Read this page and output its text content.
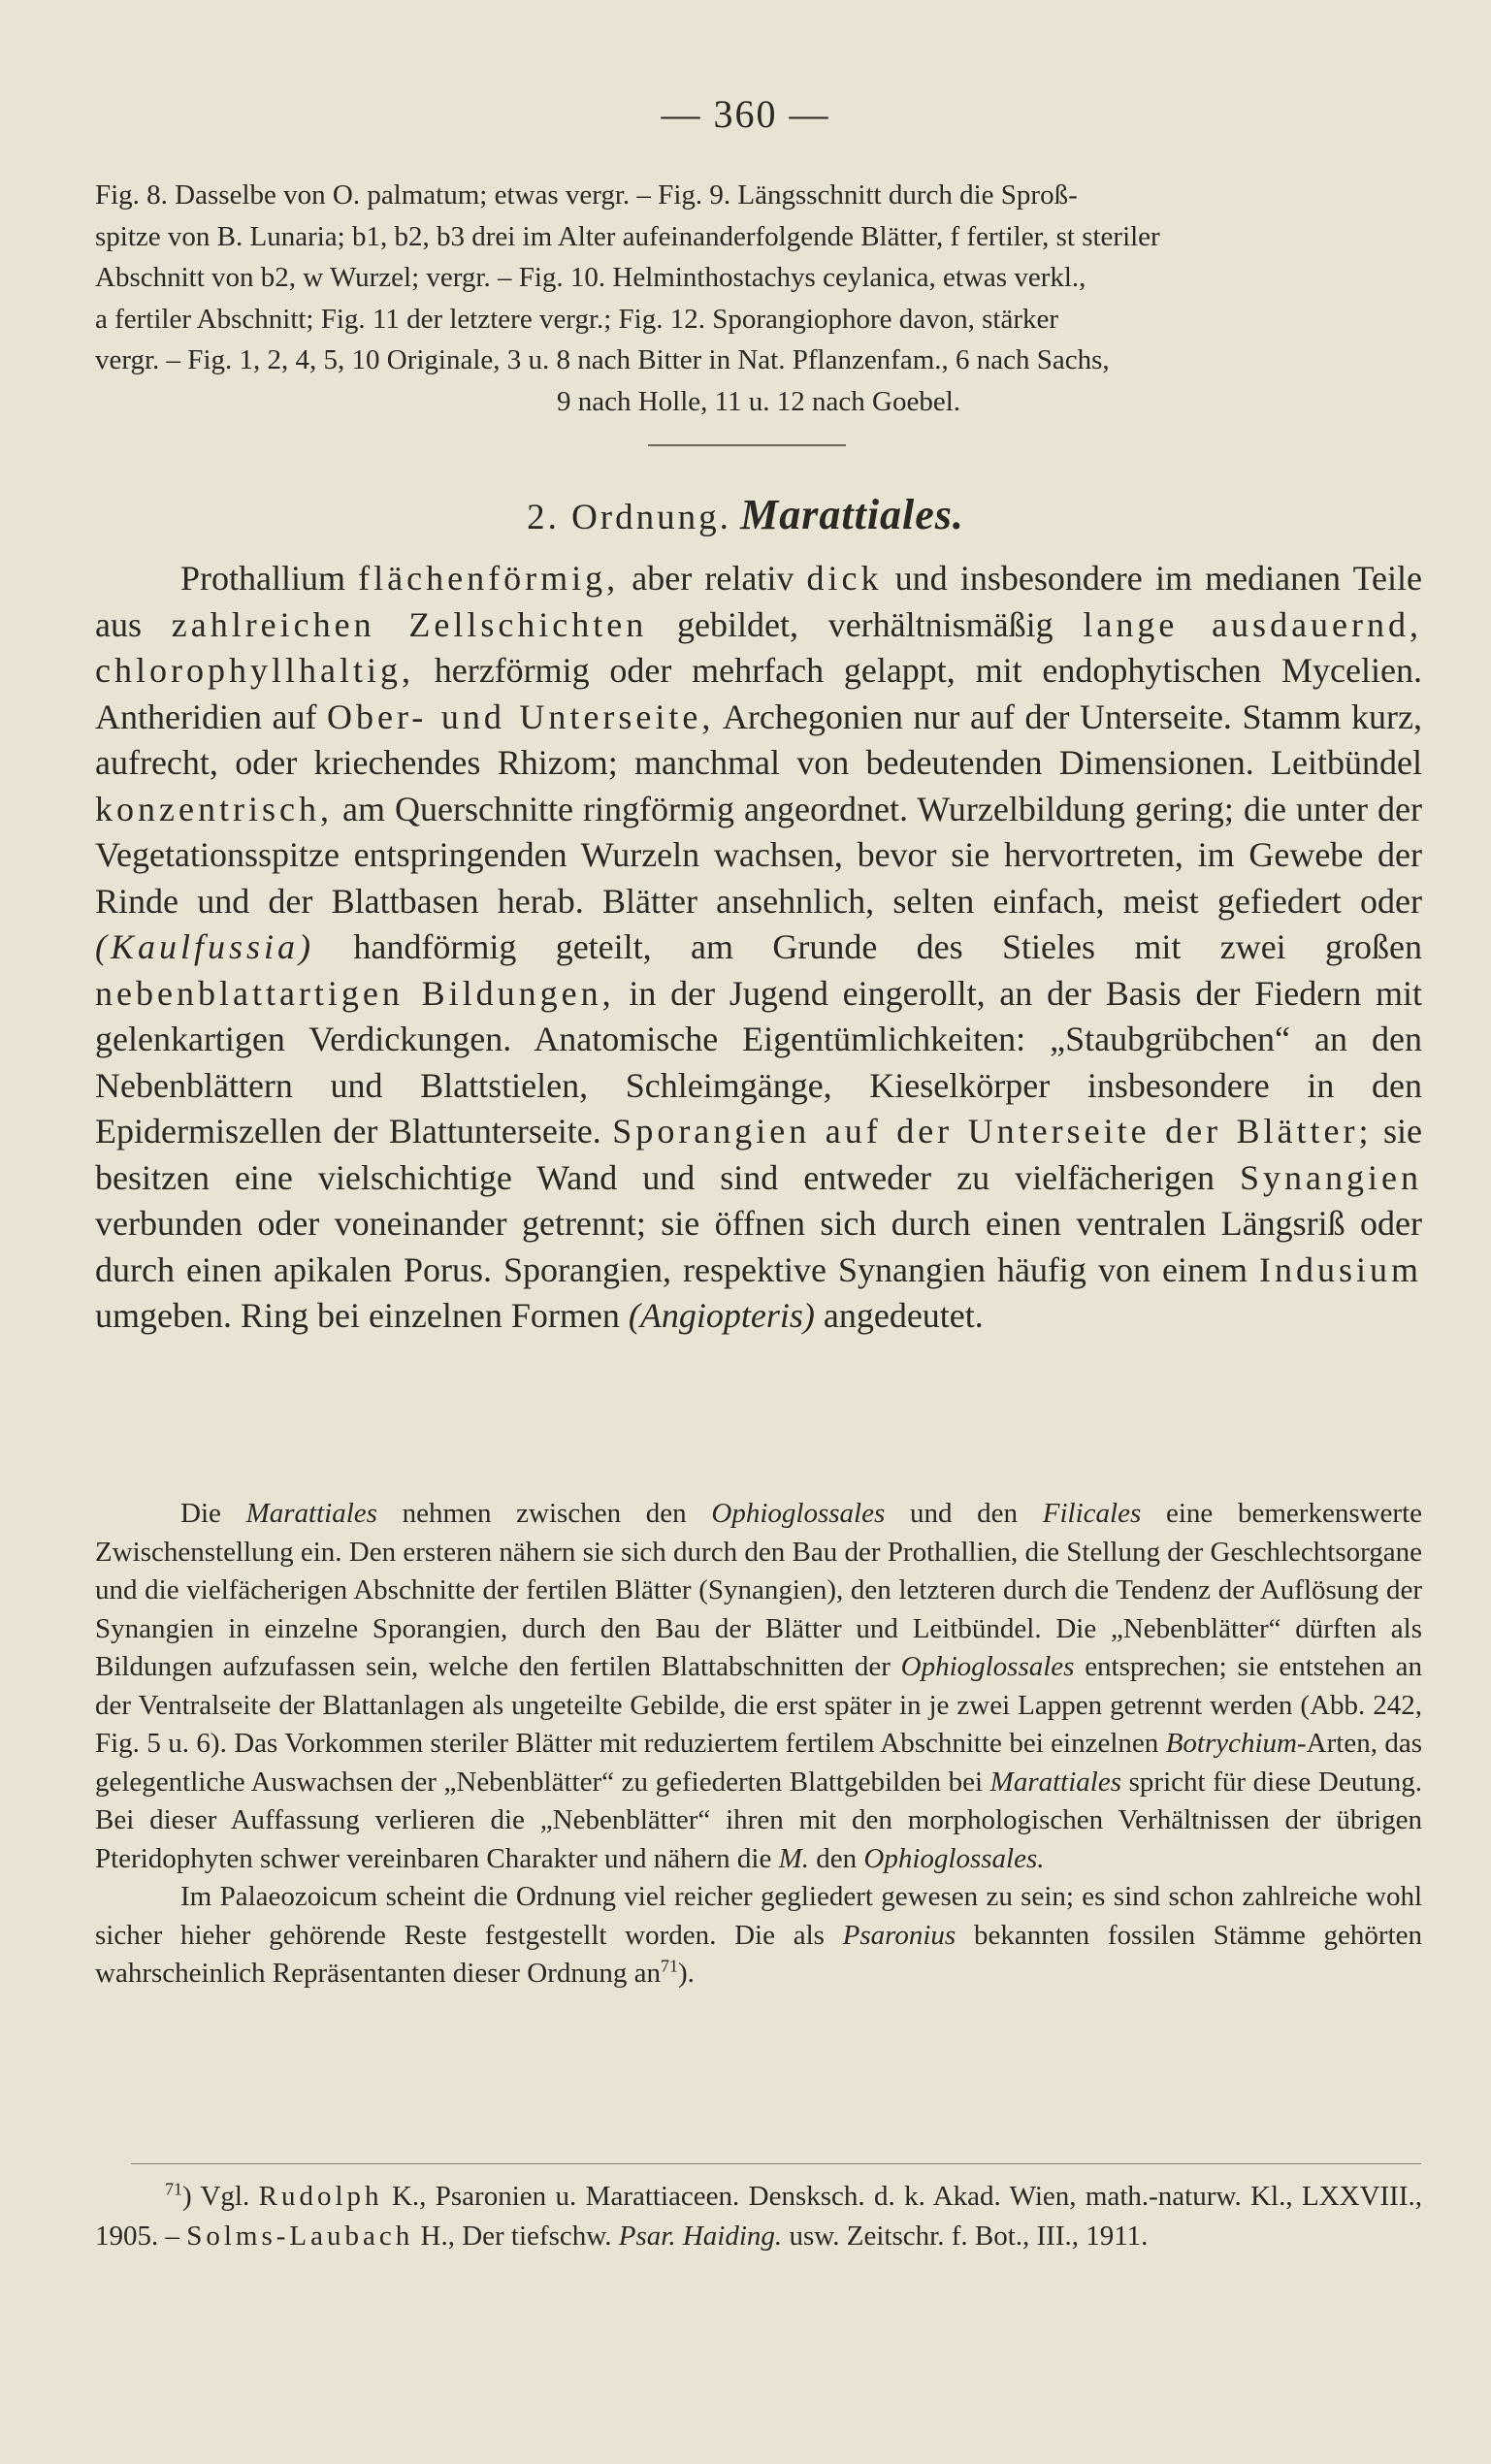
— 360 —

Fig. 8. Dasselbe von O. palmatum; etwas vergr. – Fig. 9. Längsschnitt durch die Sproß-

spitze von B. Lunaria; b1, b2, b3 drei im Alter aufeinanderfolgende Blätter, f fertiler, st steriler

Abschnitt von b2, w Wurzel; vergr. – Fig. 10. Helminthostachys ceylanica, etwas verkl.,

a fertiler Abschnitt; Fig. 11 der letztere vergr.; Fig. 12. Sporangiophore davon, stärker

vergr. – Fig. 1, 2, 4, 5, 10 Originale, 3 u. 8 nach Bitter in Nat. Pflanzenfam., 6 nach Sachs,

9 nach Holle, 11 u. 12 nach Goebel.

2. Ordnung. Marattiales.

Prothallium flächenförmig, aber relativ dick und insbesondere im medianen Teile aus zahlreichen Zellschichten gebildet, verhältnismäßig lange ausdauernd, chlorophyllhaltig, herzförmig oder mehrfach gelappt, mit endophytischen Mycelien. Antheridien auf Ober- und Unterseite, Archegonien nur auf der Unterseite. Stamm kurz, aufrecht, oder kriechendes Rhizom; manchmal von bedeutenden Dimensionen. Leitbündel konzentrisch, am Querschnitte ringförmig angeordnet. Wurzelbildung gering; die unter der Vegetationsspitze entspringenden Wurzeln wachsen, bevor sie hervortreten, im Gewebe der Rinde und der Blattbasen herab. Blätter ansehnlich, selten einfach, meist gefiedert oder (Kaulfussia) handförmig geteilt, am Grunde des Stieles mit zwei großen nebenblattartigen Bildungen, in der Jugend eingerollt, an der Basis der Fiedern mit gelenkartigen Verdickungen. Anatomische Eigentümlichkeiten: „Staubgrübchen“ an den Nebenblättern und Blattstielen, Schleimgänge, Kieselkörper insbesondere in den Epidermiszellen der Blattunterseite. Sporangien auf der Unterseite der Blätter; sie besitzen eine vielschichtige Wand und sind entweder zu vielfächerigen Synangien verbunden oder voneinander getrennt; sie öffnen sich durch einen ventralen Längsriß oder durch einen apikalen Porus. Sporangien, respektive Synangien häufig von einem Indusium umgeben. Ring bei einzelnen Formen (Angiopteris) angedeutet.

Die Marattiales nehmen zwischen den Ophioglossales und den Filicales eine bemerkenswerte Zwischenstellung ein. Den ersteren nähern sie sich durch den Bau der Prothallien, die Stellung der Geschlechtsorgane und die vielfächerigen Abschnitte der fertilen Blätter (Synangien), den letzteren durch die Tendenz der Auflösung der Synangien in einzelne Sporangien, durch den Bau der Blätter und Leitbündel. Die „Nebenblätter“ dürften als Bildungen aufzufassen sein, welche den fertilen Blattabschnitten der Ophioglossales entsprechen; sie entstehen an der Ventralseite der Blattanlagen als ungeteilte Gebilde, die erst später in je zwei Lappen getrennt werden (Abb. 242, Fig. 5 u. 6). Das Vorkommen steriler Blätter mit reduziertem fertilem Abschnitte bei einzelnen Botrychium-Arten, das gelegentliche Auswachsen der „Nebenblätter“ zu gefiederten Blattgebilden bei Marattiales spricht für diese Deutung. Bei dieser Auffassung verlieren die „Nebenblätter“ ihren mit den morphologischen Verhältnissen der übrigen Pteridophyten schwer vereinbaren Charakter und nähern die M. den Ophioglossales.

Im Palaeozoicum scheint die Ordnung viel reicher gegliedert gewesen zu sein; es sind schon zahlreiche wohl sicher hieher gehörende Reste festgestellt worden. Die als Psaronius bekannten fossilen Stämme gehörten wahrscheinlich Repräsentanten dieser Ordnung $an^{71}$).

$^{71}$) Vgl. Rudolph K., Psaronien u. Marattiaceen. Densksch. d. k. Akad. Wien, math.-naturw. Kl., LXXVIII., 1905. – Solms-Laubach H., Der tiefschw. Psar. Haiding. usw. Zeitschr. f. Bot., III., 1911.
